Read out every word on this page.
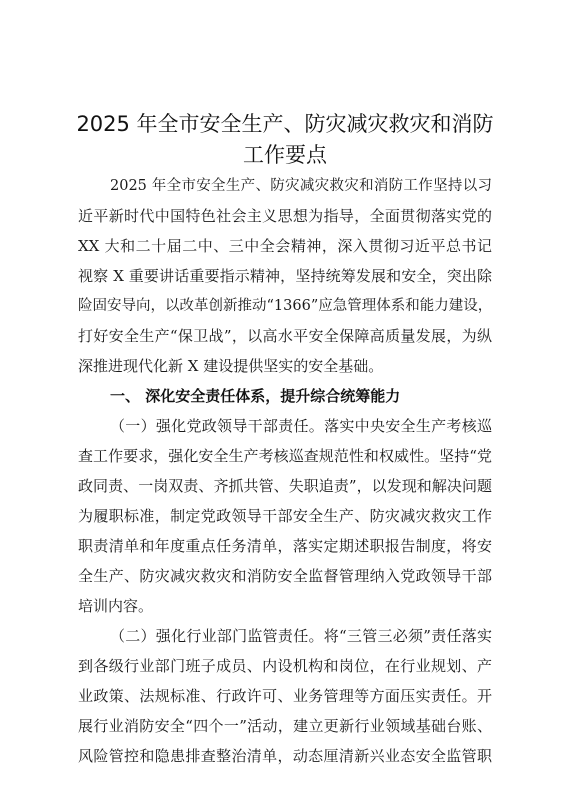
2025 年全市安全生产、防灾减灾救灾和消防
工作要点
2025 年全市安全生产、防灾减灾救灾和消防工作坚持以习
近平新时代中国特色社会主义思想为指导，全面贯彻落实党的
XX 大和二十届二中、三中全会精神，深入贯彻习近平总书记
视察 X 重要讲话重要指示精神，坚持统筹发展和安全，突出除
险固安导向，以改革创新推动“1366”应急管理体系和能力建设，
打好安全生产“保卫战”，以高水平安全保障高质量发展，为纵
深推进现代化新 X 建设提供坚实的安全基础。
一、 深化安全责任体系，提升综合统筹能力
（一）强化党政领导干部责任。落实中央安全生产考核巡
查工作要求，强化安全生产考核巡查规范性和权威性。坚持“党
政同责、一岗双责、齐抓共管、失职追责”，以发现和解决问题
为履职标准，制定党政领导干部安全生产、防灾减灾救灾工作
职责清单和年度重点任务清单，落实定期述职报告制度，将安
全生产、防灾减灾救灾和消防安全监督管理纳入党政领导干部
培训内容。
（二）强化行业部门监管责任。将“三管三必须”责任落实
到各级行业部门班子成员、内设机构和岗位，在行业规划、产
业政策、法规标准、行政许可、业务管理等方面压实责任。开
展行业消防安全“四个一”活动，建立更新行业领域基础台账、
风险管控和隐患排查整治清单，动态厘清新兴业态安全监管职
